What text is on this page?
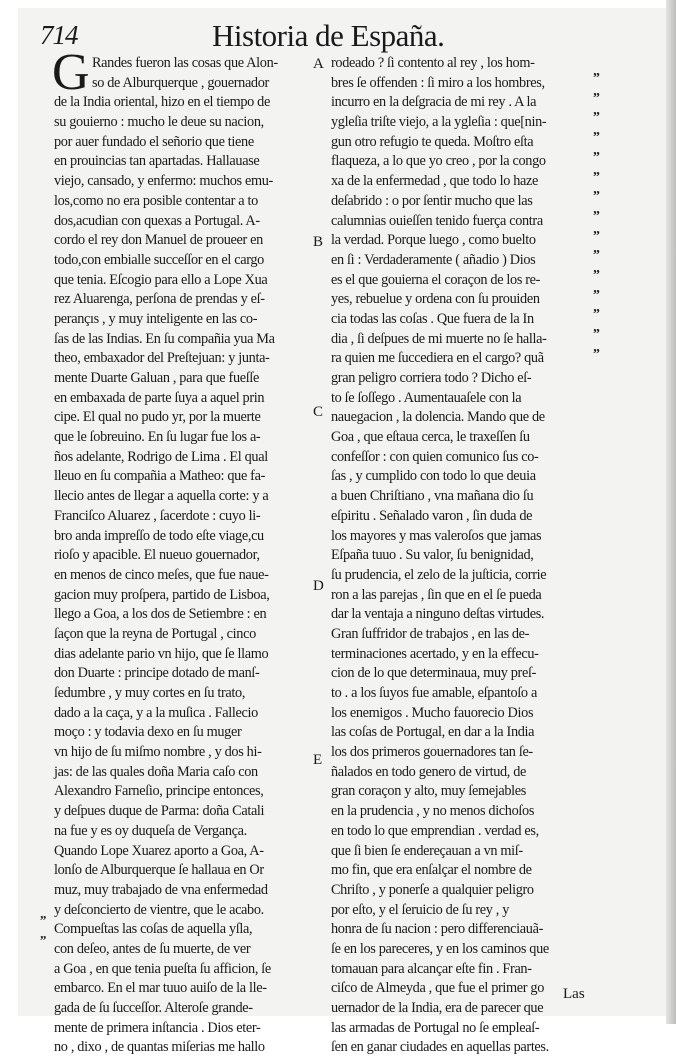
714	Historia de España.
G Randes fueron las cosas que Alon-
so de Alburquerque , gouernador
de la India oriental, hizo en el tiempo de
su gouierno : mucho le deue su nacion,
por auer fundado el señorio que tiene
en prouincias tan apartadas. Hallauase
viejo, cansado, y enfermo: muchos emu-
los,como no era posible contentar a to
dos,acudian con quexas a Portugal. A-
cordo el rey don Manuel de proueer en
todo,con embialle succeſſor en el cargo
que tenia. Eſcogio para ello a Lope Xua
rez Aluarenga, perſona de prendas y eſ-
perançıs , y muy inteligente en las co-
ſas de las Indias. En ſu compañia yua Ma
theo, embaxador del Preſtejuan: y junta-
mente Duarte Galuan , para que fueſſe
en embaxada de parte ſuya a aquel prin
cipe. El qual no pudo yr, por la muerte
que le ſobreuino. En ſu lugar fue los a-
ños adelante, Rodrigo de Lima . El qual
lleuo en ſu compañia a Matheo: que fa-
llecio antes de llegar a aquella corte: y a
Franciſco Aluarez , ſacerdote : cuyo li-
bro anda impreſſo de todo eſte viage,cu
rioſo y apacible. El nueuo gouernador,
en menos de cinco meſes, que fue naue-
gacion muy proſpera, partido de Lisboa,
llego a Goa, a los dos de Setiembre : en
ſaçon que la reyna de Portugal , cinco
dias adelante pario vn hijo, que ſe llamo
don Duarte : principe dotado de manſ-
ſedumbre , y muy cortes en ſu trato,
dado a la caça, y a la muſica . Fallecio
moço : y todavia dexo en ſu muger
vn hijo de ſu miſmo nombre , y dos hi-
jas: de las quales doña Maria caſo con
Alexandro Farneſio, principe entonces,
y deſpues duque de Parma: doña Catali
na fue y es oy duqueſa de Vergança.
Quando Lope Xuarez aporto a Goa, A-
lonſo de Alburquerque ſe hallaua en Or
muz, muy trabajado de vna enfermedad
y deſconcierto de vientre, que le acabo.
Compueſtas las coſas de aquella yſla,
con deſeo, antes de ſu muerte, de ver
a Goa , en que tenia pueſta ſu afficion, ſe
embarco. En el mar tuuo auiſo de la lle-
gada de ſu ſucceſſor. Alteroſe grande-
mente de primera inſtancia . Dios eter-
no , dixo , de quantas miſerias me hallo
rodeado ? ſi contento al rey , los hom-
bres ſe offenden : ſi miro a los hombres,
incurro en la deſgracia de mi rey . A la
ygleſia triſte viejo, a la ygleſia : que[nin-
gun otro refugio te queda. Moſtro eſta
flaqueza, a lo que yo creo , por la congo
xa de la enfermedad , que todo lo haze
deſabrido : o por ſentir mucho que las
calumnias ouieſſen tenido fuerça contra
la verdad. Porque luego , como buelto
en ſi : Verdaderamente ( añadio ) Dios
es el que gouierna el coraçon de los re-
yes, rebuelue y ordena con ſu prouiden
cia todas las coſas . Que fuera de la In
dia , ſi deſpues de mi muerte no ſe halla-
ra quien me ſuccediera en el cargo? quã
gran peligro corriera todo ? Dicho eſ-
to ſe ſoſſego . Aumentauaſele con la
nauegacion , la dolencia. Mando que de
Goa , que eſtaua cerca, le traxeſſen ſu
confeſſor : con quien comunico ſus co-
ſas , y cumplido con todo lo que deuia
a buen Chriſtiano , vna mañana dio ſu
eſpiritu . Señalado varon , ſin duda de
los mayores y mas valeroſos que jamas
Eſpaña tuuo . Su valor, ſu benignidad,
ſu prudencia, el zelo de la juſticia, corrie
ron a las parejas , ſin que en el ſe pueda
dar la ventaja a ninguno deſtas virtudes.
Gran ſuffridor de trabajos , en las de-
terminaciones acertado, y en la effecu-
cion de lo que determinaua, muy preſ-
to . a los ſuyos fue amable, eſpantoſo a
los enemigos . Mucho fauorecio Dios
las coſas de Portugal, en dar a la India
los dos primeros gouernadores tan ſe-
ñalados en todo genero de virtud, de
gran coraçon y alto, muy ſemejables
en la prudencia , y no menos dichoſos
en todo lo que emprendian . verdad es,
que ſi bien ſe endereçauan a vn miſ-
mo fin, que era enſalçar el nombre de
Chriſto , y ponerſe a qualquier peligro
por eſto, y el ſeruicio de ſu rey , y
honra de ſu nacion : pero differenciauã-
ſe en los pareceres, y en los caminos que
tomauan para alcançar eſte fin . Fran-
ciſco de Almeyda , que fue el primer go
uernador de la India, era de parecer que
las armadas de Portugal no ſe empleaſ-
ſen en ganar ciudades en aquellas partes.
A
B
C
D
E
„
„
„
„
„
„
„
„
„
„
„
„
„
„
„
„
„
Las
